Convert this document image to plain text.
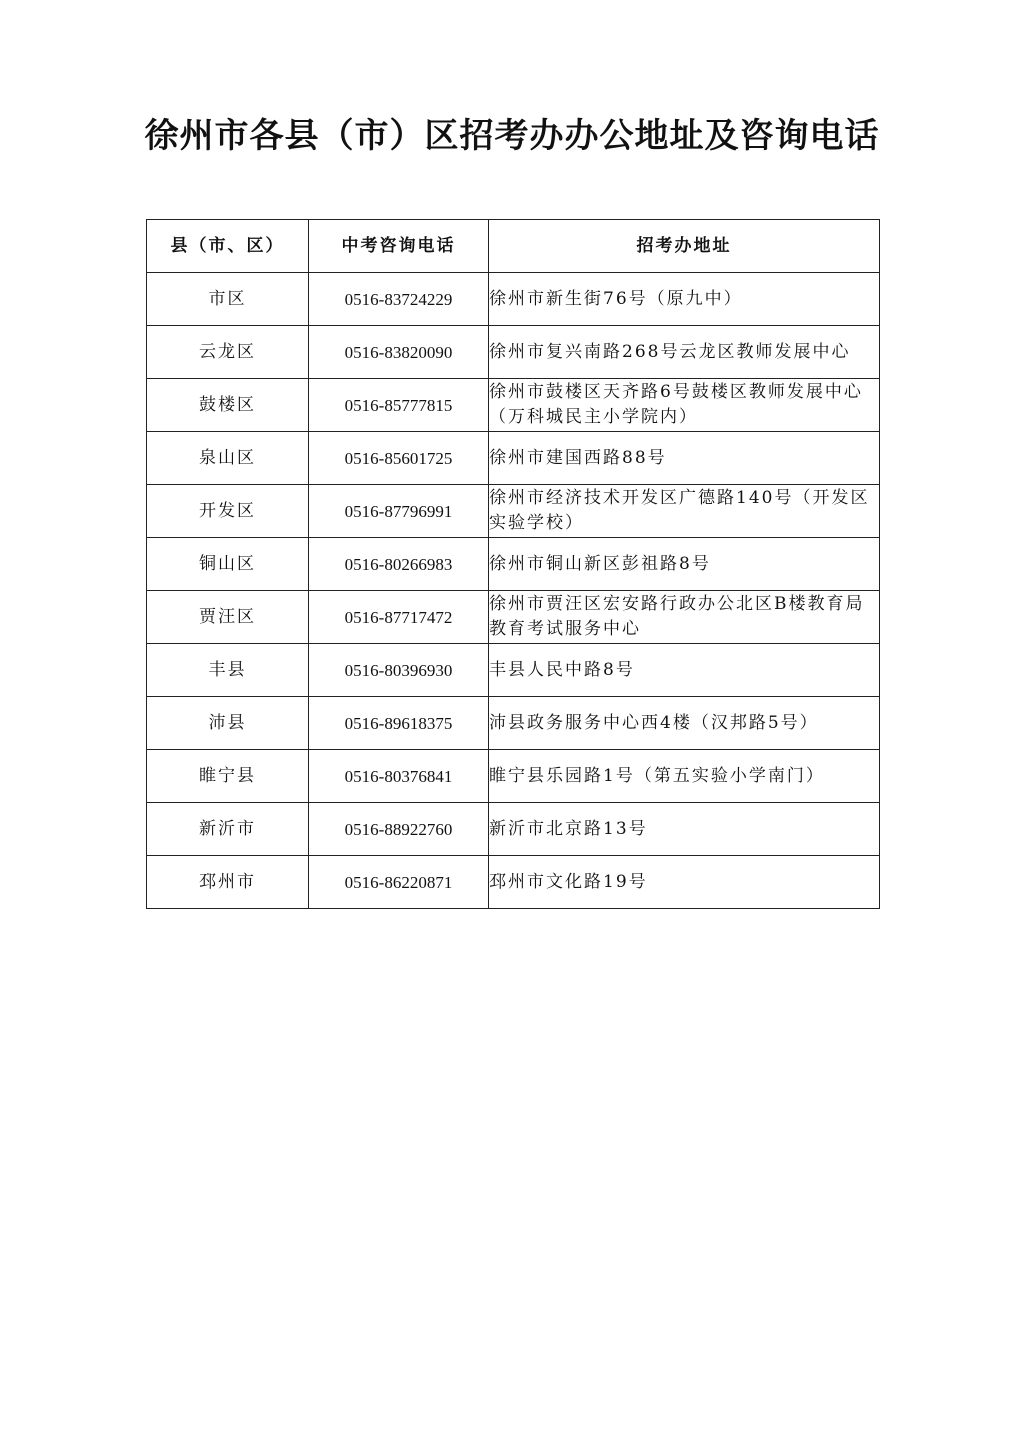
徐州市各县（市）区招考办办公地址及咨询电话
县（市、区）	中考咨询电话	招考办地址
市区	0516-83724229	徐州市新生街76号（原九中）
云龙区	0516-83820090	徐州市复兴南路268号云龙区教师发展中心
鼓楼区	0516-85777815	徐州市鼓楼区天齐路6号鼓楼区教师发展中心（万科城民主小学院内）
泉山区	0516-85601725	徐州市建国西路88号
开发区	0516-87796991	徐州市经济技术开发区广德路140号（开发区实验学校）
铜山区	0516-80266983	徐州市铜山新区彭祖路8号
贾汪区	0516-87717472	徐州市贾汪区宏安路行政办公北区B楼教育局教育考试服务中心
丰县	0516-80396930	丰县人民中路8号
沛县	0516-89618375	沛县政务服务中心西4楼（汉邦路5号）
睢宁县	0516-80376841	睢宁县乐园路1号（第五实验小学南门）
新沂市	0516-88922760	新沂市北京路13号
邳州市	0516-86220871	邳州市文化路19号
